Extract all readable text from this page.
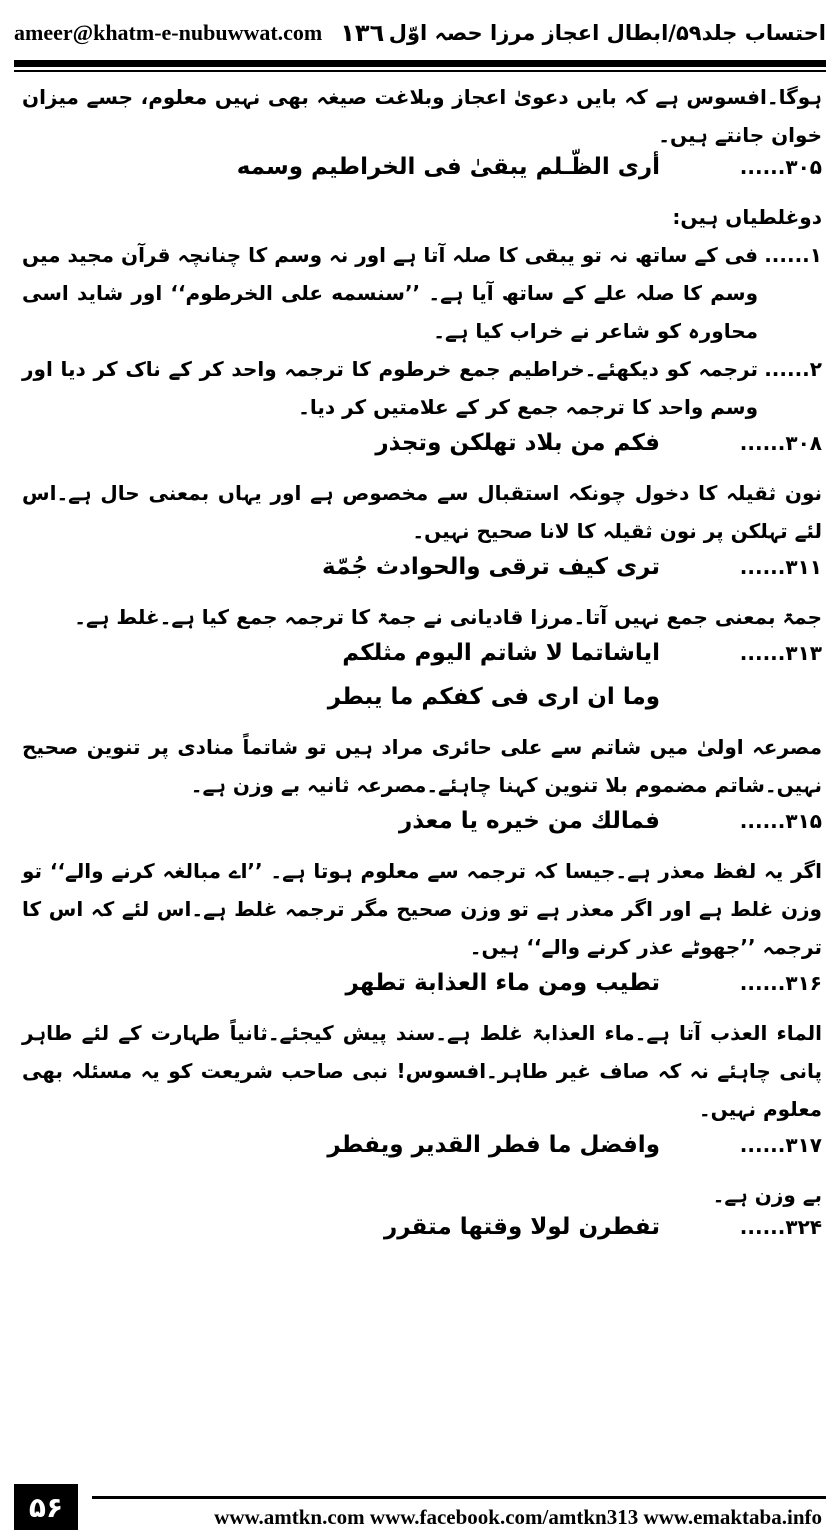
ameer@khatm-e-nubuwwat.com ١٣٦ احتساب جلد۵۹/ابطال اعجاز مرزا حصہ اوّل

ہوگا۔افسوس ہے کہ بایں دعویٰ اعجاز وبلاغت صیغہ بھی نہیں معلوم، جسے میزان خوان جانتے ہیں۔

۳۰۵......
أرى الظّـلم يبقىٰ فى الخراطيم وسمه

دوغلطیاں ہیں:

۱......
فی کے ساتھ نہ تو یبقی کا صلہ آتا ہے اور نہ وسم کا چنانچہ قرآن مجید میں وسم کا صلہ علے کے ساتھ آیا ہے۔ ’’سنسمه علی الخرطوم‘‘ اور شاید اسی محاورہ کو شاعر نے خراب کیا ہے۔
۲......
ترجمہ کو دیکھئے۔خراطیم جمع خرطوم کا ترجمہ واحد کر کے ناک کر دیا اور وسم واحد کا ترجمہ جمع کر کے علامتیں کر دیا۔
۳۰۸......
فكم من بلاد تهلكن وتجذر

نون ثقیلہ کا دخول چونکہ استقبال سے مخصوص ہے اور یہاں بمعنی حال ہے۔اس لئے تہلکن پر نون ثقیلہ کا لانا صحیح نہیں۔

۳۱۱......
ترى كيف ترقى والحوادث جُمّة

جمۃ بمعنی جمع نہیں آتا۔مرزا قادیانی نے جمۃ کا ترجمہ جمع کیا ہے۔غلط ہے۔

۳۱۳......
اياشاتما لا شاتم اليوم مثلكم
وما ان ارى فى كفكم ما يبطر

مصرعہ اولیٰ میں شاتم سے علی حائری مراد ہیں تو شاتماً منادی پر تنوین صحیح نہیں۔شاتم مضموم بلا تنوین کہنا چاہئے۔مصرعہ ثانیہ بے وزن ہے۔

۳۱۵......
فمالك من خيره يا معذر

اگر یہ لفظ معذر ہے۔جیسا کہ ترجمہ سے معلوم ہوتا ہے۔ ’’اے مبالغہ کرنے والے‘‘ تو وزن غلط ہے اور اگر معذر ہے تو وزن صحیح مگر ترجمہ غلط ہے۔اس لئے کہ اس کا ترجمہ ’’جھوٹے عذر کرنے والے‘‘ ہیں۔

۳۱۶......
تطيب ومن ماء العذابة تطهر

الماء العذب آتا ہے۔ماء العذابۃ غلط ہے۔سند پیش کیجئے۔ثانیاً طہارت کے لئے طاہر پانی چاہئے نہ کہ صاف غیر طاہر۔افسوس! نبی صاحب شریعت کو یہ مسئلہ بھی معلوم نہیں۔

۳۱۷......
وافضل ما فطر القدير ويفطر

بے وزن ہے۔

۳۲۴......
تفطرن لولا وقتها متقرر
۵۶	www.amtkn.com www.facebook.com/amtkn313 www.emaktaba.info
